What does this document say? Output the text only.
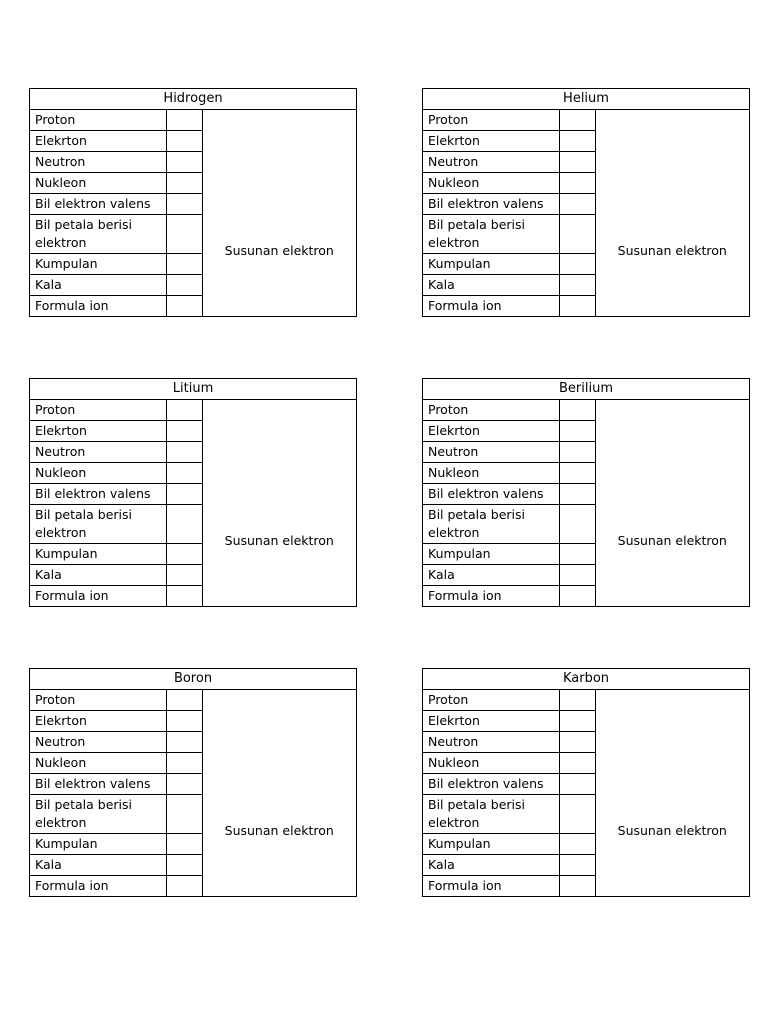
Hidrogen		
Proton		Susunan elektron

Elekrton		
Neutron		
Nukleon		
Bil elektron valens		
Bil petala berisi elektron		
Kumpulan		
Kala		
Formula ion		
Helium		
Proton		Susunan elektron

Elekrton		
Neutron		
Nukleon		
Bil elektron valens		
Bil petala berisi elektron		
Kumpulan		
Kala		
Formula ion		
Litium		
Proton		Susunan elektron

Elekrton		
Neutron		
Nukleon		
Bil elektron valens		
Bil petala berisi elektron		
Kumpulan		
Kala		
Formula ion		
Berilium		
Proton		Susunan elektron

Elekrton		
Neutron		
Nukleon		
Bil elektron valens		
Bil petala berisi elektron		
Kumpulan		
Kala		
Formula ion		
Boron		
Proton		Susunan elektron

Elekrton		
Neutron		
Nukleon		
Bil elektron valens		
Bil petala berisi elektron		
Kumpulan		
Kala		
Formula ion		
Karbon		
Proton		Susunan elektron

Elekrton		
Neutron		
Nukleon		
Bil elektron valens		
Bil petala berisi elektron		
Kumpulan		
Kala		
Formula ion		
